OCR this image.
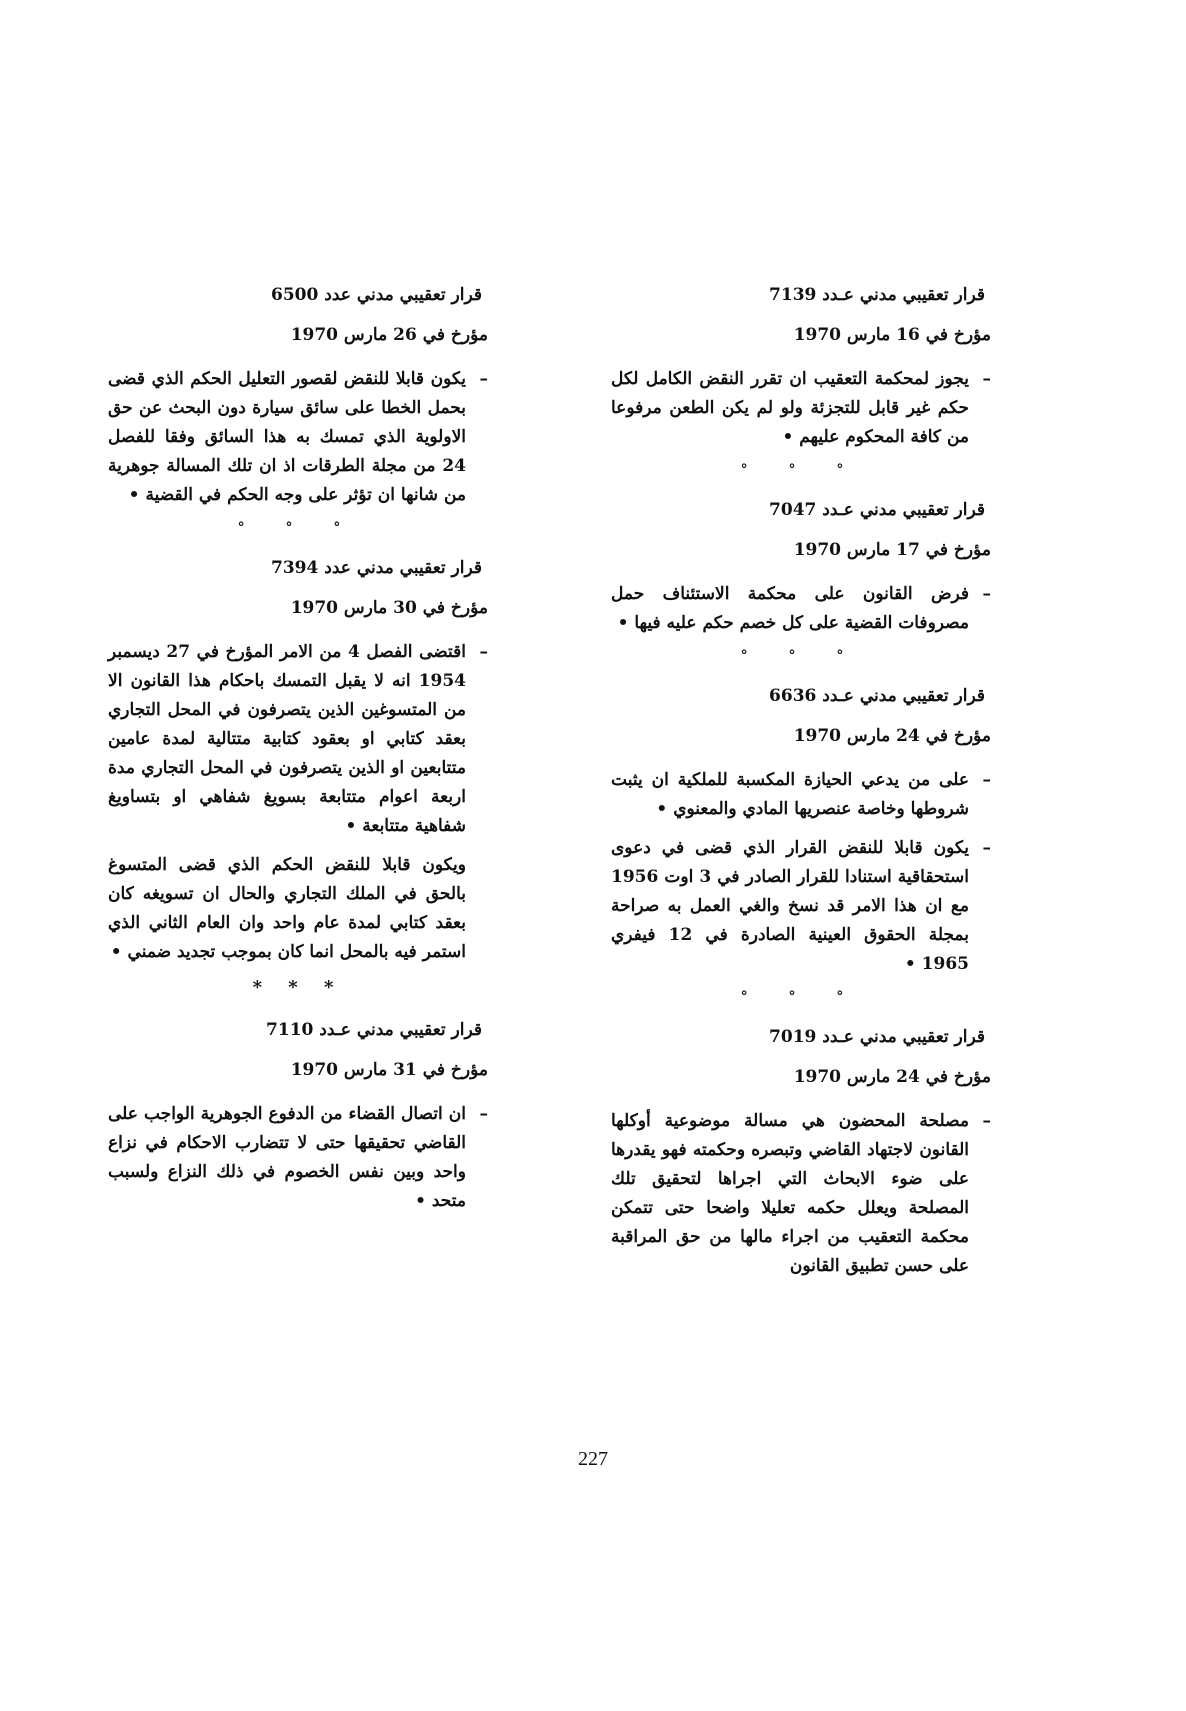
قرار تعقيبي مدني عـدد 7139
مؤرخ في 16 مارس 1970
–
يجوز لمحكمة التعقيب ان تقرر النقض الكامل لكل حكم غير قابل للتجزئة ولو لم يكن الطعن مرفوعا من كافة المحكوم عليهم •
° ° °
قرار تعقيبي مدني عـدد 7047
مؤرخ في 17 مارس 1970
–
فرض القانون على محكمة الاستئناف حمل مصروفات القضية على كل خصم حكم عليه فيها •
° ° °
قرار تعقيبي مدني عـدد 6636
مؤرخ في 24 مارس 1970
–
على من يدعي الحيازة المكسبة للملكية ان يثبت شروطها وخاصة عنصريها المادي والمعنوي •
–
يكون قابلا للنقض القرار الذي قضى في دعوى استحقاقية استنادا للقرار الصادر في 3 اوت 1956 مع ان هذا الامر قد نسخ والغي العمل به صراحة بمجلة الحقوق العينية الصادرة في 12 فيفري 1965 •
° ° °
قرار تعقيبي مدني عـدد 7019
مؤرخ في 24 مارس 1970
–
مصلحة المحضون هي مسالة موضوعية أوكلها القانون لاجتهاد القاضي وتبصره وحكمته فهو يقدرها على ضوء الابحاث التي اجراها لتحقيق تلك المصلحة ويعلل حكمه تعليلا واضحا حتى تتمكن محكمة التعقيب من اجراء مالها من حق المراقبة على حسن تطبيق القانون
قرار تعقيبي مدني عدد 6500
مؤرخ في 26 مارس 1970
–
يكون قابلا للنقض لقصور التعليل الحكم الذي قضى بحمل الخطا على سائق سيارة دون البحث عن حق الاولوية الذي تمسك به هذا السائق وفقا للفصل 24 من مجلة الطرقات اذ ان تلك المسالة جوهرية من شانها ان تؤثر على وجه الحكم في القضية •
° ° °
قرار تعقيبي مدني عدد 7394
مؤرخ في 30 مارس 1970
–
اقتضى الفصل 4 من الامر المؤرخ في 27 ديسمبر 1954 انه لا يقبل التمسك باحكام هذا القانون الا من المتسوغين الذين يتصرفون في المحل التجاري بعقد كتابي او بعقود كتابية متتالية لمدة عامين متتابعين او الذين يتصرفون في المحل التجاري مدة اربعة اعوام متتابعة بسويغ شفاهي او بتساويغ شفاهية متتابعة •
ويكون قابلا للنقض الحكم الذي قضى المتسوغ بالحق في الملك التجاري والحال ان تسويغه كان بعقد كتابي لمدة عام واحد وان العام الثاني الذي استمر فيه بالمحل انما كان بموجب تجديد ضمني •
* * *
قرار تعقيبي مدني عـدد 7110
مؤرخ في 31 مارس 1970
–
ان اتصال القضاء من الدفوع الجوهرية الواجب على القاضي تحقيقها حتى لا تتضارب الاحكام في نزاع واحد وبين نفس الخصوم في ذلك النزاع ولسبب متحد •
227
